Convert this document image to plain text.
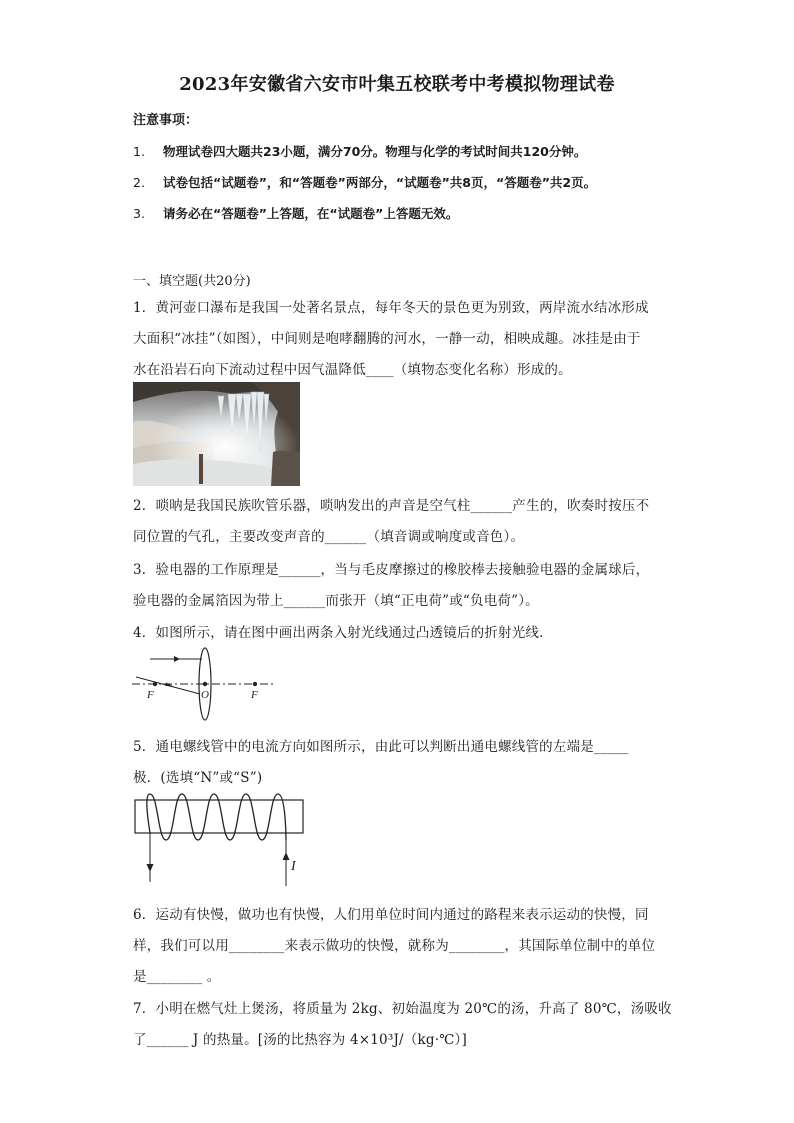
2023年安徽省六安市叶集五校联考中考模拟物理试卷
注意事项：
1. 物理试卷四大题共23小题，满分70分。物理与化学的考试时间共120分钟。
2. 试卷包括“试题卷”，和“答题卷”两部分，“试题卷”共8页，“答题卷”共2页。
3. 请务必在“答题卷”上答题，在“试题卷”上答题无效。
一、填空题(共20分)
1．黄河壶口瀑布是我国一处著名景点，每年冬天的景色更为别致，两岸流水结冰形成
大面积“冰挂”（如图），中间则是咆哮翻腾的河水，一静一动，相映成趣。冰挂是由于
水在沿岩石向下流动过程中因气温降低____（填物态变化名称）形成的。
2．唢呐是我国民族吹管乐器，唢呐发出的声音是空气柱______产生的，吹奏时按压不
同位置的气孔，主要改变声音的______（填音调或响度或音色）。
3．验电器的工作原理是______，当与毛皮摩擦过的橡胶棒去接触验电器的金属球后，
验电器的金属箔因为带上______而张开（填“正电荷”或“负电荷”）。
4．如图所示，请在图中画出两条入射光线通过凸透镜后的折射光线．
F	O	F
5．通电螺线管中的电流方向如图所示，由此可以判断出通电螺线管的左端是_____
极．(选填“N”或“S”)
I
6．运动有快慢，做功也有快慢，人们用单位时间内通过的路程来表示运动的快慢，同
样，我们可以用________来表示做功的快慢，就称为________，其国际单位制中的单位
是________ 。
7．小明在燃气灶上煲汤，将质量为 2kg、初始温度为 20℃的汤，升高了 80℃，汤吸收
了______ J 的热量。[汤的比热容为 4×10³J/（kg·℃）]
